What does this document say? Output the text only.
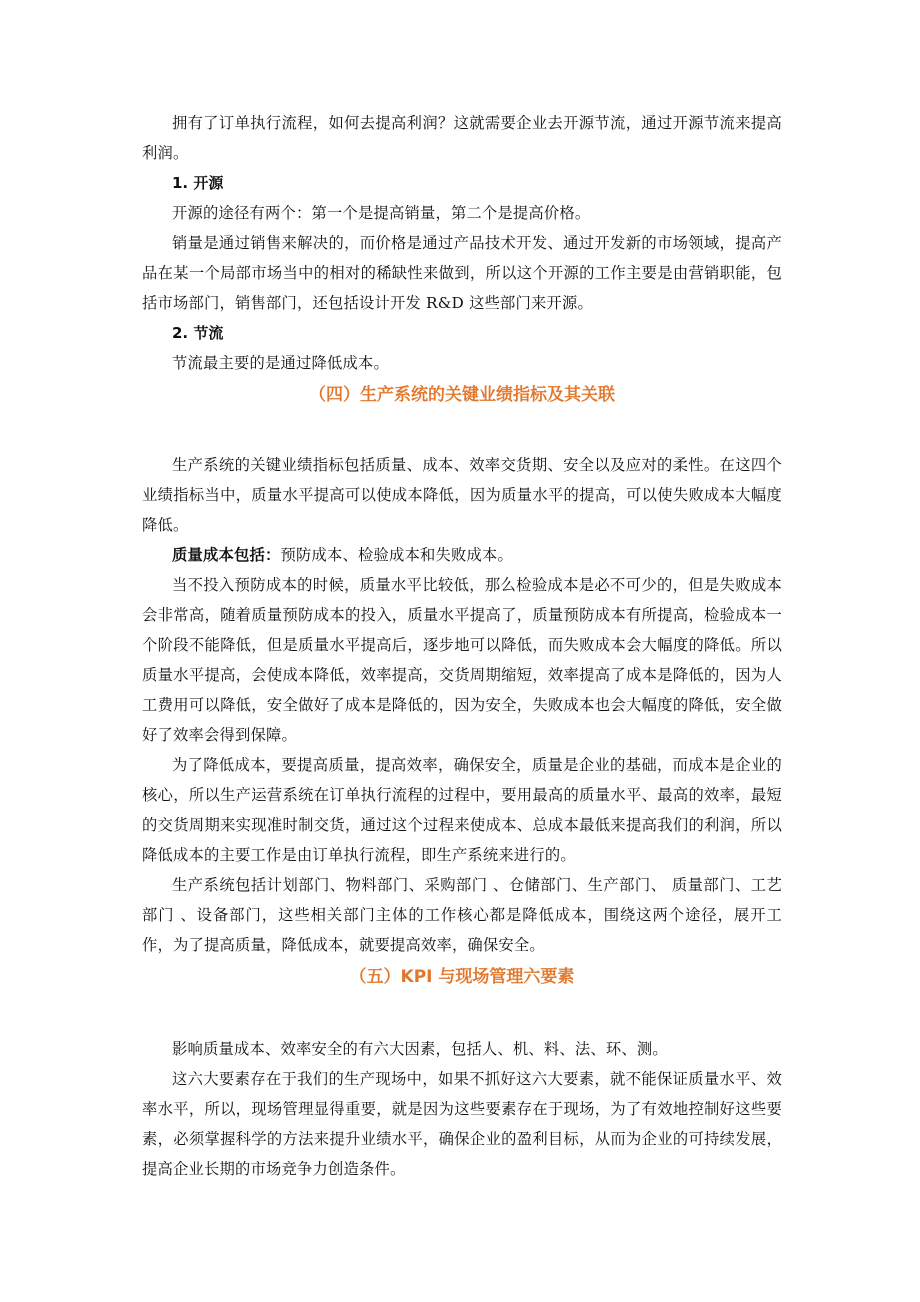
拥有了订单执行流程，如何去提高利润？这就需要企业去开源节流，通过开源节流来提高利润。

1. 开源

开源的途径有两个：第一个是提高销量，第二个是提高价格。

销量是通过销售来解决的，而价格是通过产品技术开发、通过开发新的市场领域，提高产品在某一个局部市场当中的相对的稀缺性来做到，所以这个开源的工作主要是由营销职能，包括市场部门，销售部门，还包括设计开发 R&D 这些部门来开源。

2. 节流

节流最主要的是通过降低成本。

（四）生产系统的关键业绩指标及其关联

生产系统的关键业绩指标包括质量、成本、效率交货期、安全以及应对的柔性。在这四个业绩指标当中，质量水平提高可以使成本降低，因为质量水平的提高，可以使失败成本大幅度降低。

质量成本包括：预防成本、检验成本和失败成本。

当不投入预防成本的时候，质量水平比较低，那么检验成本是必不可少的，但是失败成本会非常高，随着质量预防成本的投入，质量水平提高了，质量预防成本有所提高，检验成本一个阶段不能降低，但是质量水平提高后，逐步地可以降低，而失败成本会大幅度的降低。所以质量水平提高，会使成本降低，效率提高，交货周期缩短，效率提高了成本是降低的，因为人工费用可以降低，安全做好了成本是降低的，因为安全，失败成本也会大幅度的降低，安全做好了效率会得到保障。

为了降低成本，要提高质量，提高效率，确保安全，质量是企业的基础，而成本是企业的核心，所以生产运营系统在订单执行流程的过程中，要用最高的质量水平、最高的效率，最短的交货周期来实现准时制交货，通过这个过程来使成本、总成本最低来提高我们的利润，所以降低成本的主要工作是由订单执行流程，即生产系统来进行的。

生产系统包括计划部门、物料部门、采购部门 、仓储部门、生产部门、 质量部门、工艺部门 、设备部门，这些相关部门主体的工作核心都是降低成本，围绕这两个途径，展开工作，为了提高质量，降低成本，就要提高效率，确保安全。

（五）KPI 与现场管理六要素

影响质量成本、效率安全的有六大因素，包括人、机、料、法、环、测。

这六大要素存在于我们的生产现场中，如果不抓好这六大要素，就不能保证质量水平、效率水平，所以，现场管理显得重要，就是因为这些要素存在于现场，为了有效地控制好这些要素，必须掌握科学的方法来提升业绩水平，确保企业的盈利目标，从而为企业的可持续发展，提高企业长期的市场竞争力创造条件。
